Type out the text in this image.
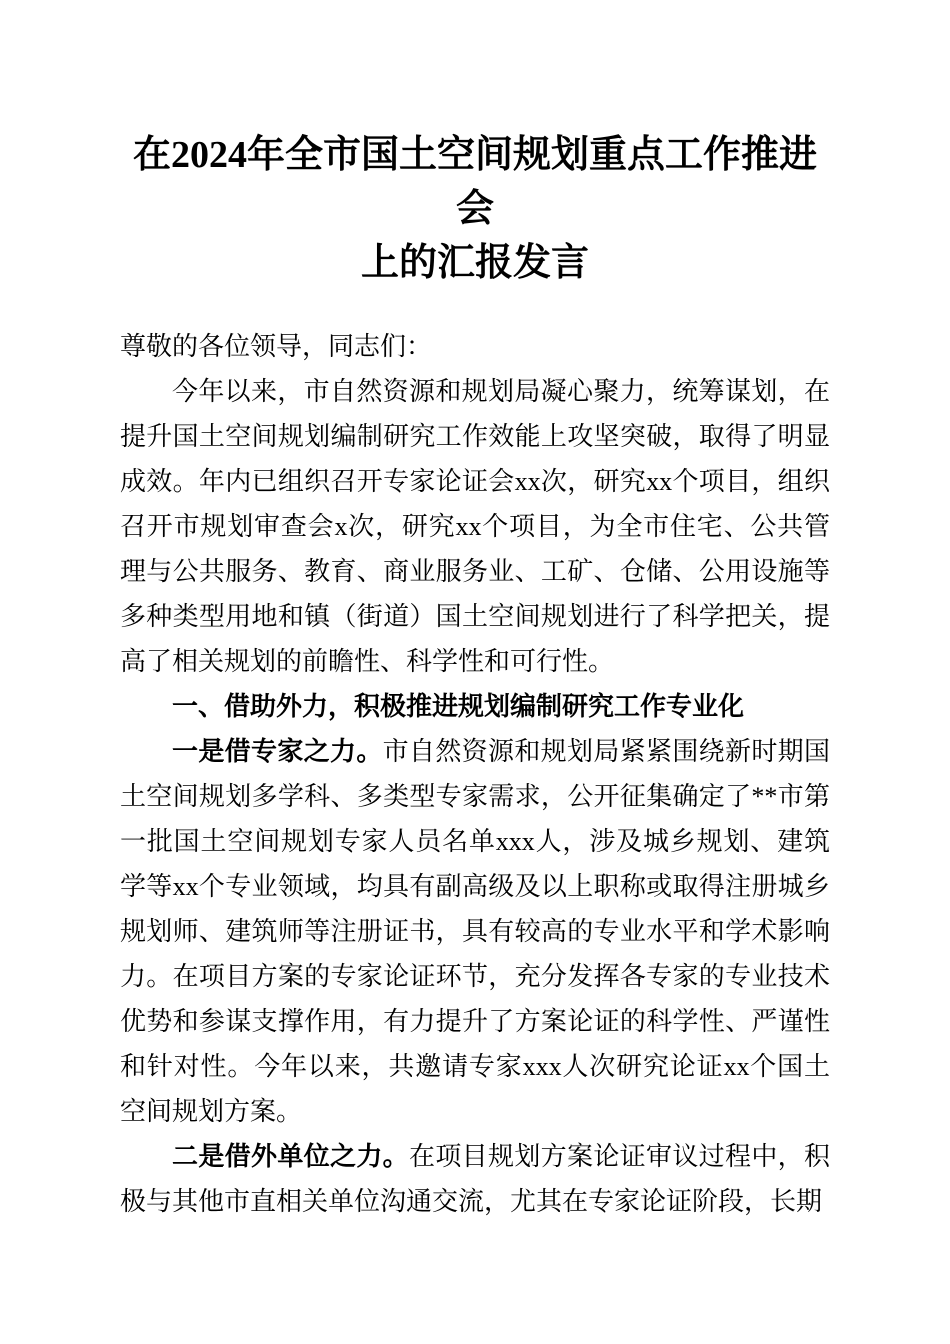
在2024年全市国土空间规划重点工作推进会
上的汇报发言

尊敬的各位领导，同志们：

今年以来，市自然资源和规划局凝心聚力，统筹谋划，在提升国土空间规划编制研究工作效能上攻坚突破，取得了明显成效。年内已组织召开专家论证会xx次，研究xx个项目，组织召开市规划审查会x次，研究xx个项目，为全市住宅、公共管理与公共服务、教育、商业服务业、工矿、仓储、公用设施等多种类型用地和镇（街道）国土空间规划进行了科学把关，提高了相关规划的前瞻性、科学性和可行性。

一、借助外力，积极推进规划编制研究工作专业化

一是借专家之力。市自然资源和规划局紧紧围绕新时期国土空间规划多学科、多类型专家需求，公开征集确定了**市第一批国土空间规划专家人员名单xxx人，涉及城乡规划、建筑学等xx个专业领域，均具有副高级及以上职称或取得注册城乡规划师、建筑师等注册证书，具有较高的专业水平和学术影响力。在项目方案的专家论证环节，充分发挥各专家的专业技术优势和参谋支撑作用，有力提升了方案论证的科学性、严谨性和针对性。今年以来，共邀请专家xxx人次研究论证xx个国土空间规划方案。

二是借外单位之力。在项目规划方案论证审议过程中，积极与其他市直相关单位沟通交流，尤其在专家论证阶段，长期
